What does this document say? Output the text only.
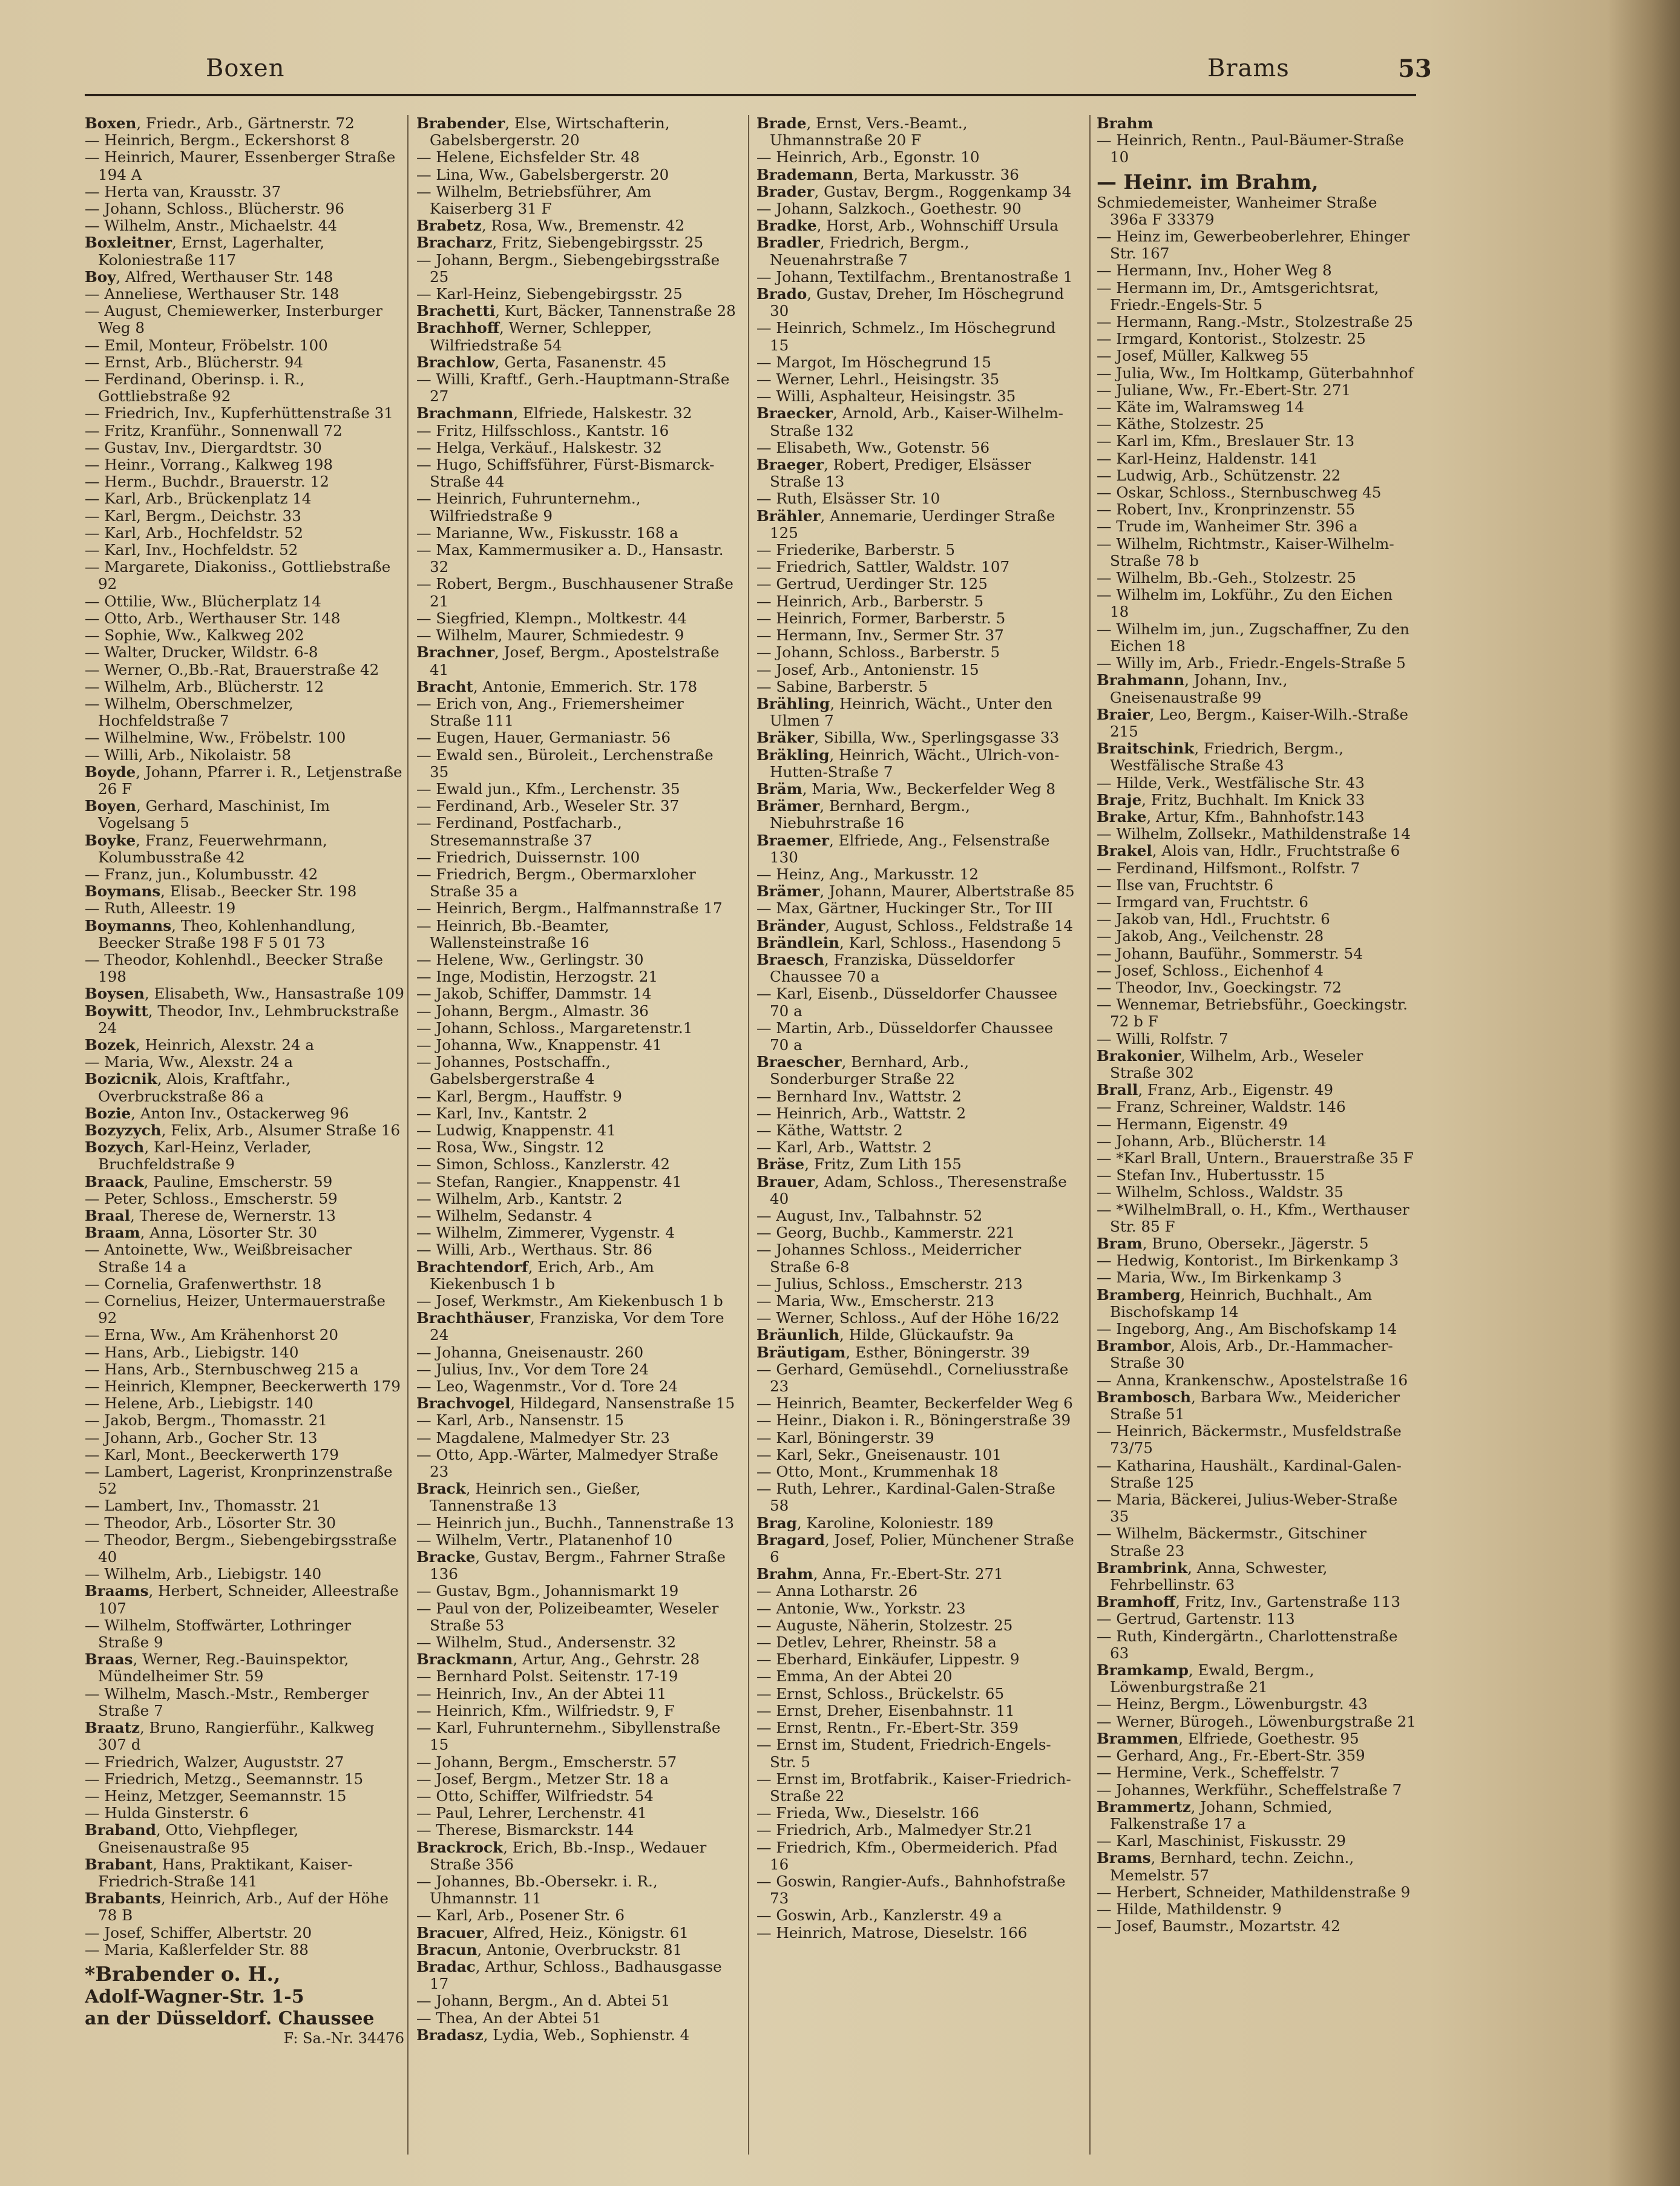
Boxen	Brams	53

Boxen, Friedr., Arb., Gärtnerstr. 72

— Heinrich, Bergm., Eckershorst 8

— Heinrich, Maurer, Essenberger Straße 194 A

— Herta van, Krausstr. 37

— Johann, Schloss., Blücherstr. 96

— Wilhelm, Anstr., Michaelstr. 44

Boxleitner, Ernst, Lagerhalter, Koloniestraße 117

Boy, Alfred, Werthauser Str. 148

— Anneliese, Werthauser Str. 148

— August, Chemiewerker, Insterburger Weg 8

— Emil, Monteur, Fröbelstr. 100

— Ernst, Arb., Blücherstr. 94

— Ferdinand, Oberinsp. i. R., Gottliebstraße 92

— Friedrich, Inv., Kupferhüttenstraße 31

— Fritz, Kranführ., Sonnenwall 72

— Gustav, Inv., Diergardtstr. 30

— Heinr., Vorrang., Kalkweg 198

— Herm., Buchdr., Brauerstr. 12

— Karl, Arb., Brückenplatz 14

— Karl, Bergm., Deichstr. 33

— Karl, Arb., Hochfeldstr. 52

— Karl, Inv., Hochfeldstr. 52

— Margarete, Diakoniss., Gottliebstraße 92

— Ottilie, Ww., Blücherplatz 14

— Otto, Arb., Werthauser Str. 148

— Sophie, Ww., Kalkweg 202

— Walter, Drucker, Wildstr. 6-8

— Werner, O.,Bb.-Rat, Brauerstraße 42

— Wilhelm, Arb., Blücherstr. 12

— Wilhelm, Oberschmelzer, Hochfeldstraße 7

— Wilhelmine, Ww., Fröbelstr. 100

— Willi, Arb., Nikolaistr. 58

Boyde, Johann, Pfarrer i. R., Letjenstraße 26 F

Boyen, Gerhard, Maschinist, Im Vogelsang 5

Boyke, Franz, Feuerwehrmann, Kolumbusstraße 42

— Franz, jun., Kolumbusstr. 42

Boymans, Elisab., Beecker Str. 198

— Ruth, Alleestr. 19

Boymanns, Theo, Kohlenhandlung, Beecker Straße 198 F 5 01 73

— Theodor, Kohlenhdl., Beecker Straße 198

Boysen, Elisabeth, Ww., Hansastraße 109

Boywitt, Theodor, Inv., Lehmbruckstraße 24

Bozek, Heinrich, Alexstr. 24 a

— Maria, Ww., Alexstr. 24 a

Bozicnik, Alois, Kraftfahr., Overbruckstraße 86 a

Bozie, Anton Inv., Ostackerweg 96

Bozyzych, Felix, Arb., Alsumer Straße 16

Bozych, Karl-Heinz, Verlader, Bruchfeldstraße 9

Braack, Pauline, Emscherstr. 59

— Peter, Schloss., Emscherstr. 59

Braal, Therese de, Wernerstr. 13

Braam, Anna, Lösorter Str. 30

— Antoinette, Ww., Weißbreisacher Straße 14 a

— Cornelia, Grafenwerthstr. 18

— Cornelius, Heizer, Untermauerstraße 92

— Erna, Ww., Am Krähenhorst 20

— Hans, Arb., Liebigstr. 140

— Hans, Arb., Sternbuschweg 215 a

— Heinrich, Klempner, Beeckerwerth 179

— Helene, Arb., Liebigstr. 140

— Jakob, Bergm., Thomasstr. 21

— Johann, Arb., Gocher Str. 13

— Karl, Mont., Beeckerwerth 179

— Lambert, Lagerist, Kronprinzenstraße 52

— Lambert, Inv., Thomasstr. 21

— Theodor, Arb., Lösorter Str. 30

— Theodor, Bergm., Siebengebirgsstraße 40

— Wilhelm, Arb., Liebigstr. 140

Braams, Herbert, Schneider, Alleestraße 107

— Wilhelm, Stoffwärter, Lothringer Straße 9

Braas, Werner, Reg.-Bauinspektor, Mündelheimer Str. 59

— Wilhelm, Masch.-Mstr., Remberger Straße 7

Braatz, Bruno, Rangierführ., Kalkweg 307 d

— Friedrich, Walzer, Auguststr. 27

— Friedrich, Metzg., Seemannstr. 15

— Heinz, Metzger, Seemannstr. 15

— Hulda Ginsterstr. 6

Braband, Otto, Viehpfleger, Gneisenaustraße 95

Brabant, Hans, Praktikant, Kaiser-Friedrich-Straße 141

Brabants, Heinrich, Arb., Auf der Höhe 78 B

— Josef, Schiffer, Albertstr. 20

— Maria, Kaßlerfelder Str. 88

*Brabender o. H.,

Adolf-Wagner-Str. 1-5

an der Düsseldorf. Chaussee

F: Sa.-Nr. 34476

Brabender, Else, Wirtschafterin, Gabelsbergerstr. 20

— Helene, Eichsfelder Str. 48

— Lina, Ww., Gabelsbergerstr. 20

— Wilhelm, Betriebsführer, Am Kaiserberg 31 F

Brabetz, Rosa, Ww., Bremenstr. 42

Bracharz, Fritz, Siebengebirgsstr. 25

— Johann, Bergm., Siebengebirgsstraße 25

— Karl-Heinz, Siebengebirgsstr. 25

Brachetti, Kurt, Bäcker, Tannenstraße 28

Brachhoff, Werner, Schlepper, Wilfriedstraße 54

Brachlow, Gerta, Fasanenstr. 45

— Willi, Kraftf., Gerh.-Hauptmann-Straße 27

Brachmann, Elfriede, Halskestr. 32

— Fritz, Hilfsschloss., Kantstr. 16

— Helga, Verkäuf., Halskestr. 32

— Hugo, Schiffsführer, Fürst-Bismarck-Straße 44

— Heinrich, Fuhrunternehm., Wilfriedstraße 9

— Marianne, Ww., Fiskusstr. 168 a

— Max, Kammermusiker a. D., Hansastr. 32

— Robert, Bergm., Buschhausener Straße 21

— Siegfried, Klempn., Moltkestr. 44

— Wilhelm, Maurer, Schmiedestr. 9

Brachner, Josef, Bergm., Apostelstraße 41

Bracht, Antonie, Emmerich. Str. 178

— Erich von, Ang., Friemersheimer Straße 111

— Eugen, Hauer, Germaniastr. 56

— Ewald sen., Büroleit., Lerchenstraße 35

— Ewald jun., Kfm., Lerchenstr. 35

— Ferdinand, Arb., Weseler Str. 37

— Ferdinand, Postfacharb., Stresemannstraße 37

— Friedrich, Duissernstr. 100

— Friedrich, Bergm., Obermarxloher Straße 35 a

— Heinrich, Bergm., Halfmannstraße 17

— Heinrich, Bb.-Beamter, Wallensteinstraße 16

— Helene, Ww., Gerlingstr. 30

— Inge, Modistin, Herzogstr. 21

— Jakob, Schiffer, Dammstr. 14

— Johann, Bergm., Almastr. 36

— Johann, Schloss., Margaretenstr.1

— Johanna, Ww., Knappenstr. 41

— Johannes, Postschaffn., Gabelsbergerstraße 4

— Karl, Bergm., Hauffstr. 9

— Karl, Inv., Kantstr. 2

— Ludwig, Knappenstr. 41

— Rosa, Ww., Singstr. 12

— Simon, Schloss., Kanzlerstr. 42

— Stefan, Rangier., Knappenstr. 41

— Wilhelm, Arb., Kantstr. 2

— Wilhelm, Sedanstr. 4

— Wilhelm, Zimmerer, Vygenstr. 4

— Willi, Arb., Werthaus. Str. 86

Brachtendorf, Erich, Arb., Am Kiekenbusch 1 b

— Josef, Werkmstr., Am Kiekenbusch 1 b

Brachthäuser, Franziska, Vor dem Tore 24

— Johanna, Gneisenaustr. 260

— Julius, Inv., Vor dem Tore 24

— Leo, Wagenmstr., Vor d. Tore 24

Brachvogel, Hildegard, Nansenstraße 15

— Karl, Arb., Nansenstr. 15

— Magdalene, Malmedyer Str. 23

— Otto, App.-Wärter, Malmedyer Straße 23

Brack, Heinrich sen., Gießer, Tannenstraße 13

— Heinrich jun., Buchh., Tannenstraße 13

— Wilhelm, Vertr., Platanenhof 10

Bracke, Gustav, Bergm., Fahrner Straße 136

— Gustav, Bgm., Johannismarkt 19

— Paul von der, Polizeibeamter, Weseler Straße 53

— Wilhelm, Stud., Andersenstr. 32

Brackmann, Artur, Ang., Gehrstr. 28

— Bernhard Polst. Seitenstr. 17-19

— Heinrich, Inv., An der Abtei 11

— Heinrich, Kfm., Wilfriedstr. 9, F

— Karl, Fuhrunternehm., Sibyllenstraße 15

— Johann, Bergm., Emscherstr. 57

— Josef, Bergm., Metzer Str. 18 a

— Otto, Schiffer, Wilfriedstr. 54

— Paul, Lehrer, Lerchenstr. 41

— Therese, Bismarckstr. 144

Brackrock, Erich, Bb.-Insp., Wedauer Straße 356

— Johannes, Bb.-Obersekr. i. R., Uhmannstr. 11

— Karl, Arb., Posener Str. 6

Bracuer, Alfred, Heiz., Königstr. 61

Bracun, Antonie, Overbruckstr. 81

Bradac, Arthur, Schloss., Badhausgasse 17

— Johann, Bergm., An d. Abtei 51

— Thea, An der Abtei 51

Bradasz, Lydia, Web., Sophienstr. 4

Brade, Ernst, Vers.-Beamt., Uhmannstraße 20 F

— Heinrich, Arb., Egonstr. 10

Brademann, Berta, Markusstr. 36

Brader, Gustav, Bergm., Roggenkamp 34

— Johann, Salzkoch., Goethestr. 90

Bradke, Horst, Arb., Wohnschiff Ursula

Bradler, Friedrich, Bergm., Neuenahrstraße 7

— Johann, Textilfachm., Brentanostraße 1

Brado, Gustav, Dreher, Im Höschegrund 30

— Heinrich, Schmelz., Im Höschegrund 15

— Margot, Im Höschegrund 15

— Werner, Lehrl., Heisingstr. 35

— Willi, Asphalteur, Heisingstr. 35

Braecker, Arnold, Arb., Kaiser-Wilhelm-Straße 132

— Elisabeth, Ww., Gotenstr. 56

Braeger, Robert, Prediger, Elsässer Straße 13

— Ruth, Elsässer Str. 10

Brähler, Annemarie, Uerdinger Straße 125

— Friederike, Barberstr. 5

— Friedrich, Sattler, Waldstr. 107

— Gertrud, Uerdinger Str. 125

— Heinrich, Arb., Barberstr. 5

— Heinrich, Former, Barberstr. 5

— Hermann, Inv., Sermer Str. 37

— Johann, Schloss., Barberstr. 5

— Josef, Arb., Antonienstr. 15

— Sabine, Barberstr. 5

Brähling, Heinrich, Wächt., Unter den Ulmen 7

Bräker, Sibilla, Ww., Sperlingsgasse 33

Bräkling, Heinrich, Wächt., Ulrich-von-Hutten-Straße 7

Bräm, Maria, Ww., Beckerfelder Weg 8

Brämer, Bernhard, Bergm., Niebuhrstraße 16

Braemer, Elfriede, Ang., Felsenstraße 130

— Heinz, Ang., Markusstr. 12

Brämer, Johann, Maurer, Albertstraße 85

— Max, Gärtner, Huckinger Str., Tor III

Bränder, August, Schloss., Feldstraße 14

Brändlein, Karl, Schloss., Hasendong 5

Braesch, Franziska, Düsseldorfer Chaussee 70 a

— Karl, Eisenb., Düsseldorfer Chaussee 70 a

— Martin, Arb., Düsseldorfer Chaussee 70 a

Braescher, Bernhard, Arb., Sonderburger Straße 22

— Bernhard Inv., Wattstr. 2

— Heinrich, Arb., Wattstr. 2

— Käthe, Wattstr. 2

— Karl, Arb., Wattstr. 2

Bräse, Fritz, Zum Lith 155

Brauer, Adam, Schloss., Theresenstraße 40

— August, Inv., Talbahnstr. 52

— Georg, Buchb., Kammerstr. 221

— Johannes Schloss., Meiderricher Straße 6-8

— Julius, Schloss., Emscherstr. 213

— Maria, Ww., Emscherstr. 213

— Werner, Schloss., Auf der Höhe 16/22

Bräunlich, Hilde, Glückaufstr. 9a

Bräutigam, Esther, Böningerstr. 39

— Gerhard, Gemüsehdl., Corneliusstraße 23

— Heinrich, Beamter, Beckerfelder Weg 6

— Heinr., Diakon i. R., Böningerstraße 39

— Karl, Böningerstr. 39

— Karl, Sekr., Gneisenaustr. 101

— Otto, Mont., Krummenhak 18

— Ruth, Lehrer., Kardinal-Galen-Straße 58

Brag, Karoline, Koloniestr. 189

Bragard, Josef, Polier, Münchener Straße 6

Brahm, Anna, Fr.-Ebert-Str. 271

— Anna Lotharstr. 26

— Antonie, Ww., Yorkstr. 23

— Auguste, Näherin, Stolzestr. 25

— Detlev, Lehrer, Rheinstr. 58 a

— Eberhard, Einkäufer, Lippestr. 9

— Emma, An der Abtei 20

— Ernst, Schloss., Brückelstr. 65

— Ernst, Dreher, Eisenbahnstr. 11

— Ernst, Rentn., Fr.-Ebert-Str. 359

— Ernst im, Student, Friedrich-Engels-Str. 5

— Ernst im, Brotfabrik., Kaiser-Friedrich-Straße 22

— Frieda, Ww., Dieselstr. 166

— Friedrich, Arb., Malmedyer Str.21

— Friedrich, Kfm., Obermeiderich. Pfad 16

— Goswin, Rangier-Aufs., Bahnhofstraße 73

— Goswin, Arb., Kanzlerstr. 49 a

— Heinrich, Matrose, Dieselstr. 166

Brahm

— Heinrich, Rentn., Paul-Bäumer-Straße 10

— Heinr. im Brahm,

Schmiedemeister, Wanheimer Straße 396a F 33379

— Heinz im, Gewerbeoberlehrer, Ehinger Str. 167

— Hermann, Inv., Hoher Weg 8

— Hermann im, Dr., Amtsgerichtsrat, Friedr.-Engels-Str. 5

— Hermann, Rang.-Mstr., Stolzestraße 25

— Irmgard, Kontorist., Stolzestr. 25

— Josef, Müller, Kalkweg 55

— Julia, Ww., Im Holtkamp, Güterbahnhof

— Juliane, Ww., Fr.-Ebert-Str. 271

— Käte im, Walramsweg 14

— Käthe, Stolzestr. 25

— Karl im, Kfm., Breslauer Str. 13

— Karl-Heinz, Haldenstr. 141

— Ludwig, Arb., Schützenstr. 22

— Oskar, Schloss., Sternbuschweg 45

— Robert, Inv., Kronprinzenstr. 55

— Trude im, Wanheimer Str. 396 a

— Wilhelm, Richtmstr., Kaiser-Wilhelm-Straße 78 b

— Wilhelm, Bb.-Geh., Stolzestr. 25

— Wilhelm im, Lokführ., Zu den Eichen 18

— Wilhelm im, jun., Zugschaffner, Zu den Eichen 18

— Willy im, Arb., Friedr.-Engels-Straße 5

Brahmann, Johann, Inv., Gneisenaustraße 99

Braier, Leo, Bergm., Kaiser-Wilh.-Straße 215

Braitschink, Friedrich, Bergm., Westfälische Straße 43

— Hilde, Verk., Westfälische Str. 43

Braje, Fritz, Buchhalt. Im Knick 33

Brake, Artur, Kfm., Bahnhofstr.143

— Wilhelm, Zollsekr., Mathildenstraße 14

Brakel, Alois van, Hdlr., Fruchtstraße 6

— Ferdinand, Hilfsmont., Rolfstr. 7

— Ilse van, Fruchtstr. 6

— Irmgard van, Fruchtstr. 6

— Jakob van, Hdl., Fruchtstr. 6

— Jakob, Ang., Veilchenstr. 28

— Johann, Bauführ., Sommerstr. 54

— Josef, Schloss., Eichenhof 4

— Theodor, Inv., Goeckingstr. 72

— Wennemar, Betriebsführ., Goeckingstr. 72 b F

— Willi, Rolfstr. 7

Brakonier, Wilhelm, Arb., Weseler Straße 302

Brall, Franz, Arb., Eigenstr. 49

— Franz, Schreiner, Waldstr. 146

— Hermann, Eigenstr. 49

— Johann, Arb., Blücherstr. 14

— *Karl Brall, Untern., Brauerstraße 35 F

— Stefan Inv., Hubertusstr. 15

— Wilhelm, Schloss., Waldstr. 35

— *WilhelmBrall, o. H., Kfm., Werthauser Str. 85 F

Bram, Bruno, Obersekr., Jägerstr. 5

— Hedwig, Kontorist., Im Birkenkamp 3

— Maria, Ww., Im Birkenkamp 3

Bramberg, Heinrich, Buchhalt., Am Bischofskamp 14

— Ingeborg, Ang., Am Bischofskamp 14

Brambor, Alois, Arb., Dr.-Hammacher-Straße 30

— Anna, Krankenschw., Apostelstraße 16

Brambosch, Barbara Ww., Meidericher Straße 51

— Heinrich, Bäckermstr., Musfeldstraße 73/75

— Katharina, Haushält., Kardinal-Galen-Straße 125

— Maria, Bäckerei, Julius-Weber-Straße 35

— Wilhelm, Bäckermstr., Gitschiner Straße 23

Brambrink, Anna, Schwester, Fehrbellinstr. 63

Bramhoff, Fritz, Inv., Gartenstraße 113

— Gertrud, Gartenstr. 113

— Ruth, Kindergärtn., Charlottenstraße 63

Bramkamp, Ewald, Bergm., Löwenburgstraße 21

— Heinz, Bergm., Löwenburgstr. 43

— Werner, Bürogeh., Löwenburgstraße 21

Brammen, Elfriede, Goethestr. 95

— Gerhard, Ang., Fr.-Ebert-Str. 359

— Hermine, Verk., Scheffelstr. 7

— Johannes, Werkführ., Scheffelstraße 7

Brammertz, Johann, Schmied, Falkenstraße 17 a

— Karl, Maschinist, Fiskusstr. 29

Brams, Bernhard, techn. Zeichn., Memelstr. 57

— Herbert, Schneider, Mathildenstraße 9

— Hilde, Mathildenstr. 9

— Josef, Baumstr., Mozartstr. 42
